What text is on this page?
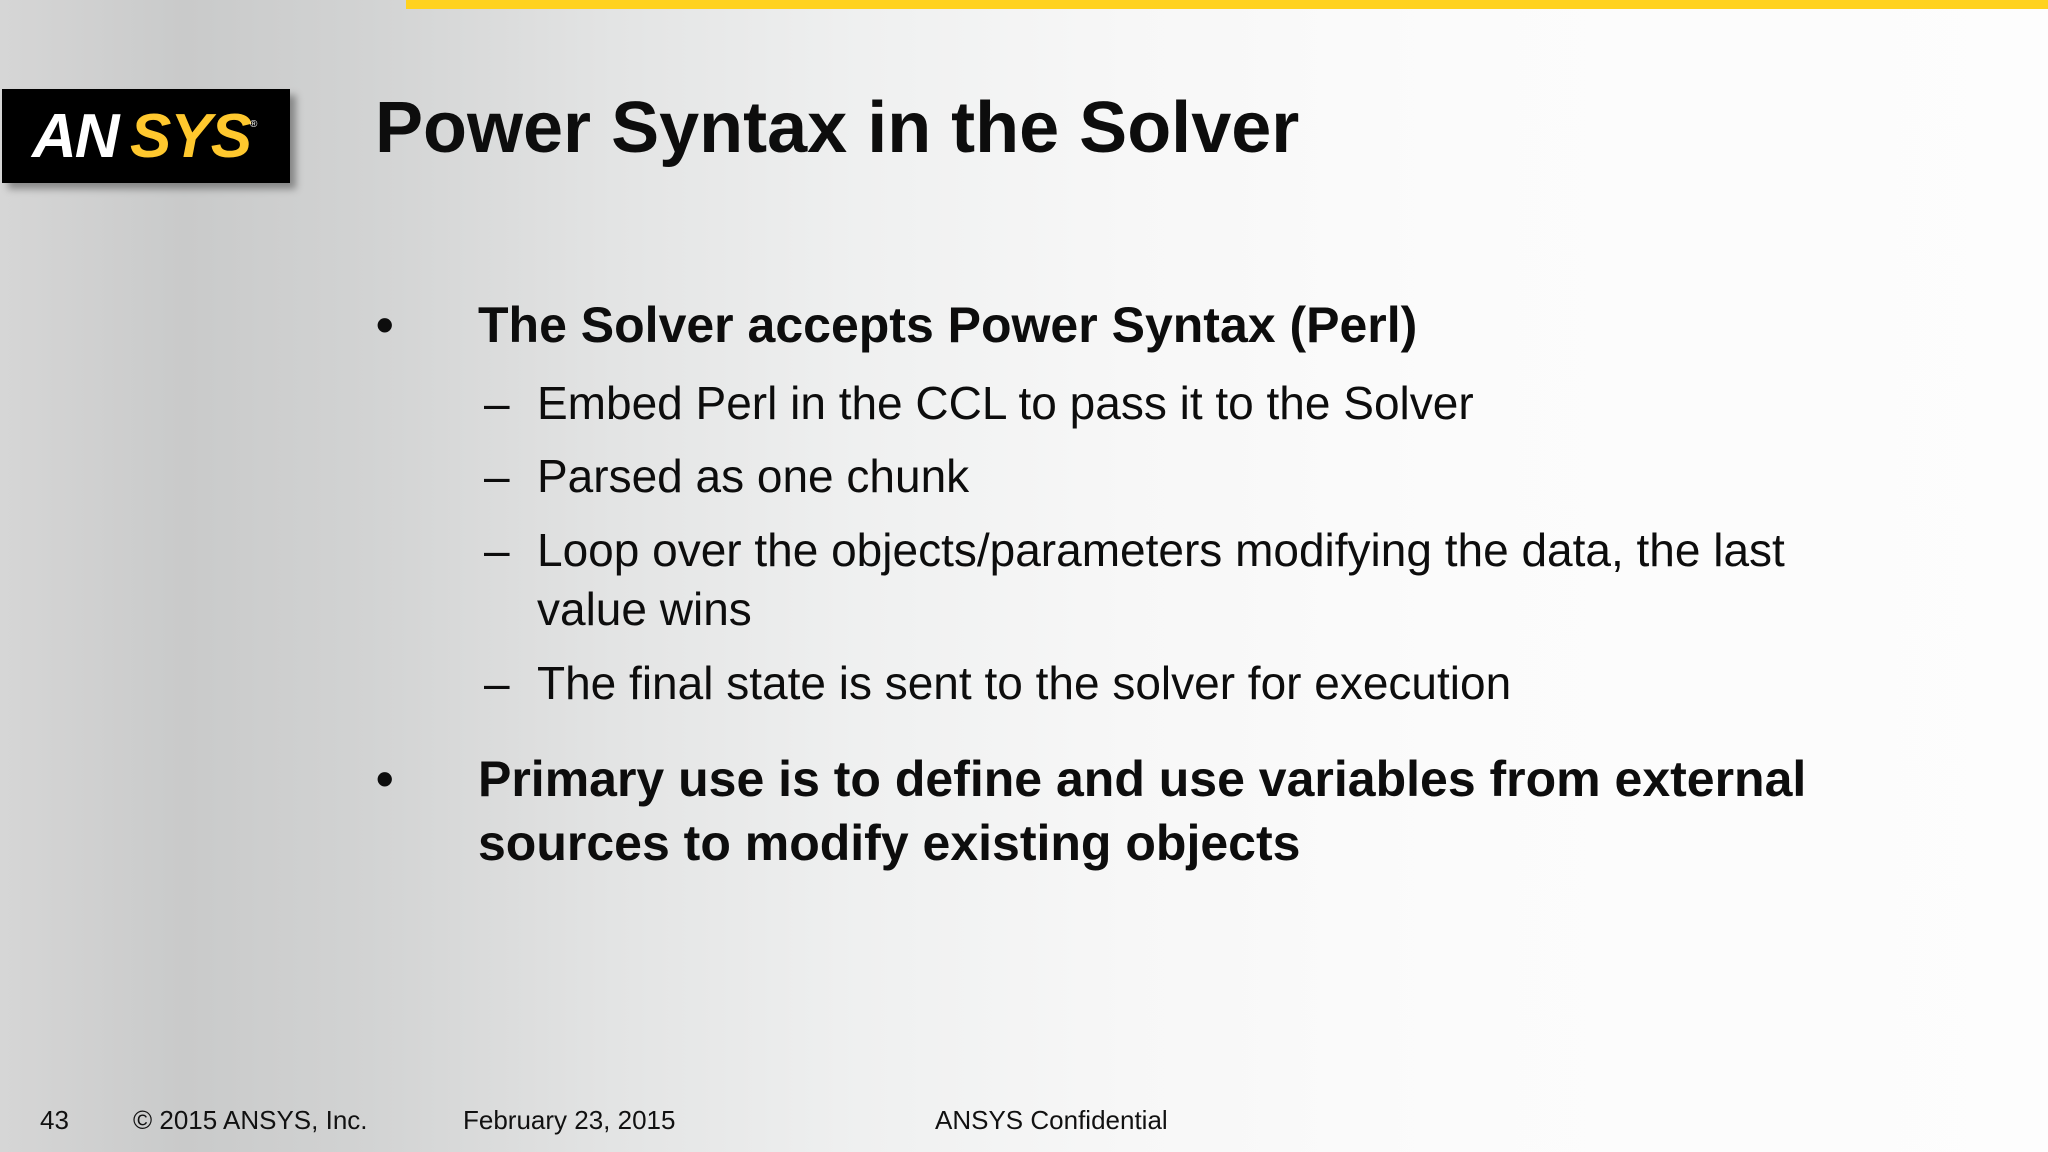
AN SYS
® Power Syntax in the Solver
•	The Solver accepts Power Syntax (Perl)
– Embed Perl in the CCL to pass it to the Solver
– Parsed as one chunk
– Loop over the objects/parameters modifying the data, the last
value wins
– The final state is sent to the solver for execution
•	Primary use is to define and use variables from external
sources to modify existing objects
43 © 2015 ANSYS, Inc.	February 23, 2015	ANSYS Confidential
